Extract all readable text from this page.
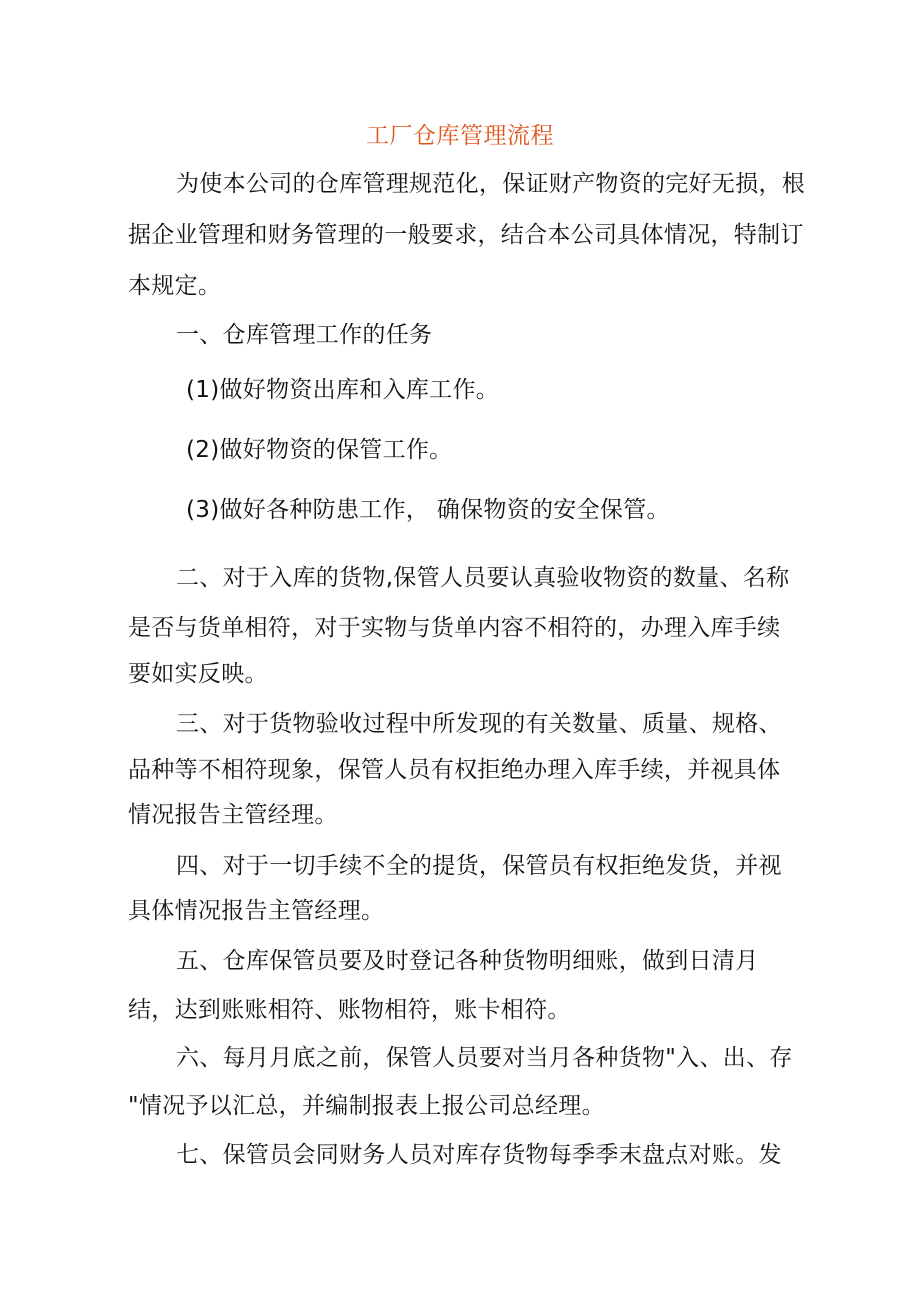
工厂仓库管理流程
为使本公司的仓库管理规范化，保证财产物资的完好无损，根
据企业管理和财务管理的一般要求，结合本公司具体情况，特制订
本规定。
一、仓库管理工作的任务
(1)做好物资出库和入库工作。
(2)做好物资的保管工作。
(3)做好各种防患工作， 确保物资的安全保管。
二、对于入库的货物,保管人员要认真验收物资的数量、名称
是否与货单相符，对于实物与货单内容不相符的，办理入库手续
要如实反映。
三、对于货物验收过程中所发现的有关数量、质量、规格、
品种等不相符现象，保管人员有权拒绝办理入库手续，并视具体
情况报告主管经理。
四、对于一切手续不全的提货，保管员有权拒绝发货，并视
具体情况报告主管经理。
五、仓库保管员要及时登记各种货物明细账，做到日清月
结，达到账账相符、账物相符，账卡相符。
六、每月月底之前，保管人员要对当月各种货物"入、出、存
"情况予以汇总，并编制报表上报公司总经理。
七、保管员会同财务人员对库存货物每季季末盘点对账。发
